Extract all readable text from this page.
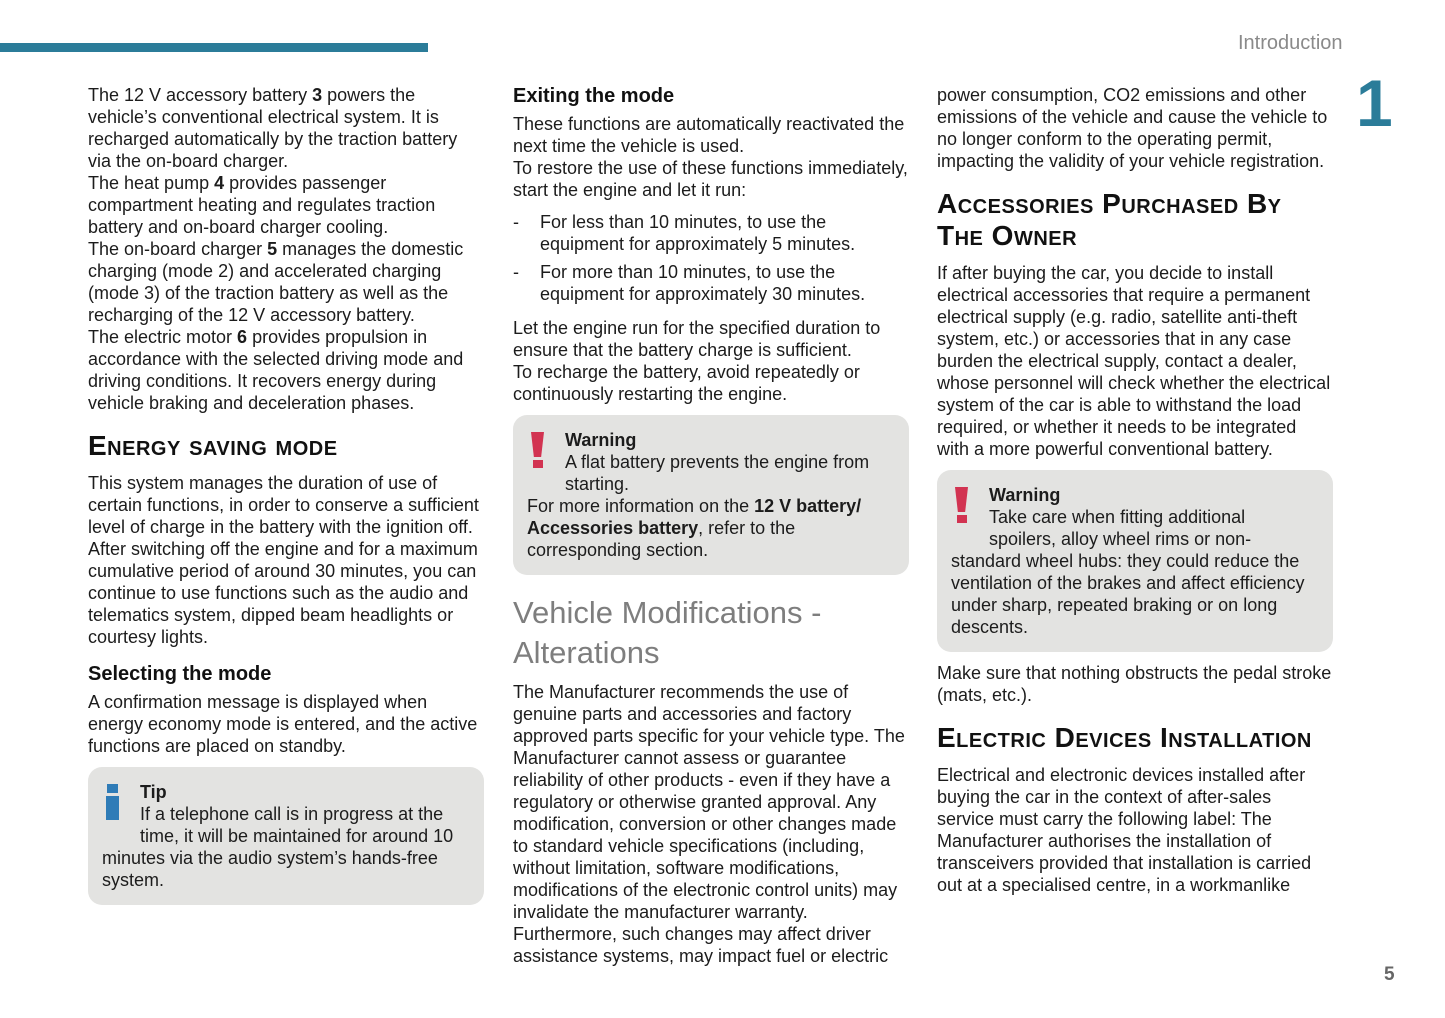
Introduction
1

The 12 V accessory battery 3 powers the vehicle’s conventional electrical system. It is recharged automatically by the traction battery via the on-board charger.

The heat pump 4 provides passenger compartment heating and regulates traction battery and on-board charger cooling.

The on-board charger 5 manages the domestic charging (mode 2) and accelerated charging (mode 3) of the traction battery as well as the recharging of the 12 V accessory battery.

The electric motor 6 provides propulsion in accordance with the selected driving mode and driving conditions. It recovers energy during vehicle braking and deceleration phases.

Energy saving mode

This system manages the duration of use of certain functions, in order to conserve a sufficient level of charge in the battery with the ignition off.

After switching off the engine and for a maximum cumulative period of around 30 minutes, you can continue to use functions such as the audio and telematics system, dipped beam headlights or courtesy lights.

Selecting the mode

A confirmation message is displayed when energy economy mode is entered, and the active functions are placed on standby.

Tip

If a telephone call is in progress at the time, it will be maintained for around 10 minutes via the audio system’s hands-free system.

Exiting the mode

These functions are automatically reactivated the next time the vehicle is used.

To restore the use of these functions immediately, start the engine and let it run:

-	For less than 10 minutes, to use the equipment for approximately 5 minutes.
-	For more than 10 minutes, to use the equipment for approximately 30 minutes.

Let the engine run for the specified duration to ensure that the battery charge is sufficient.

To recharge the battery, avoid repeatedly or continuously restarting the engine.

Warning

A flat battery prevents the engine from starting.

For more information on the 12 V battery/ Accessories battery, refer to the corresponding section.

Vehicle Modifications - Alterations

The Manufacturer recommends the use of genuine parts and accessories and factory approved parts specific for your vehicle type. The Manufacturer cannot assess or guarantee reliability of other products - even if they have a regulatory or otherwise granted approval. Any modification, conversion or other changes made to standard vehicle specifications (including, without limitation, software modifications, modifications of the electronic control units) may invalidate the manufacturer warranty. Furthermore, such changes may affect driver assistance systems, may impact fuel or electric

power consumption, CO2 emissions and other emissions of the vehicle and cause the vehicle to no longer conform to the operating permit, impacting the validity of your vehicle registration.

Accessories Purchased By The Owner

If after buying the car, you decide to install electrical accessories that require a permanent electrical supply (e.g. radio, satellite anti-theft system, etc.) or accessories that in any case burden the electrical supply, contact a dealer, whose personnel will check whether the electrical system of the car is able to withstand the load required, or whether it needs to be integrated with a more powerful conventional battery.

Warning

Take care when fitting additional spoilers, alloy wheel rims or non-standard wheel hubs: they could reduce the ventilation of the brakes and affect efficiency under sharp, repeated braking or on long descents.

Make sure that nothing obstructs the pedal stroke (mats, etc.).

Electric Devices Installation

Electrical and electronic devices installed after buying the car in the context of after-sales service must carry the following label: The Manufacturer authorises the installation of transceivers provided that installation is carried out at a specialised centre, in a workmanlike

5
